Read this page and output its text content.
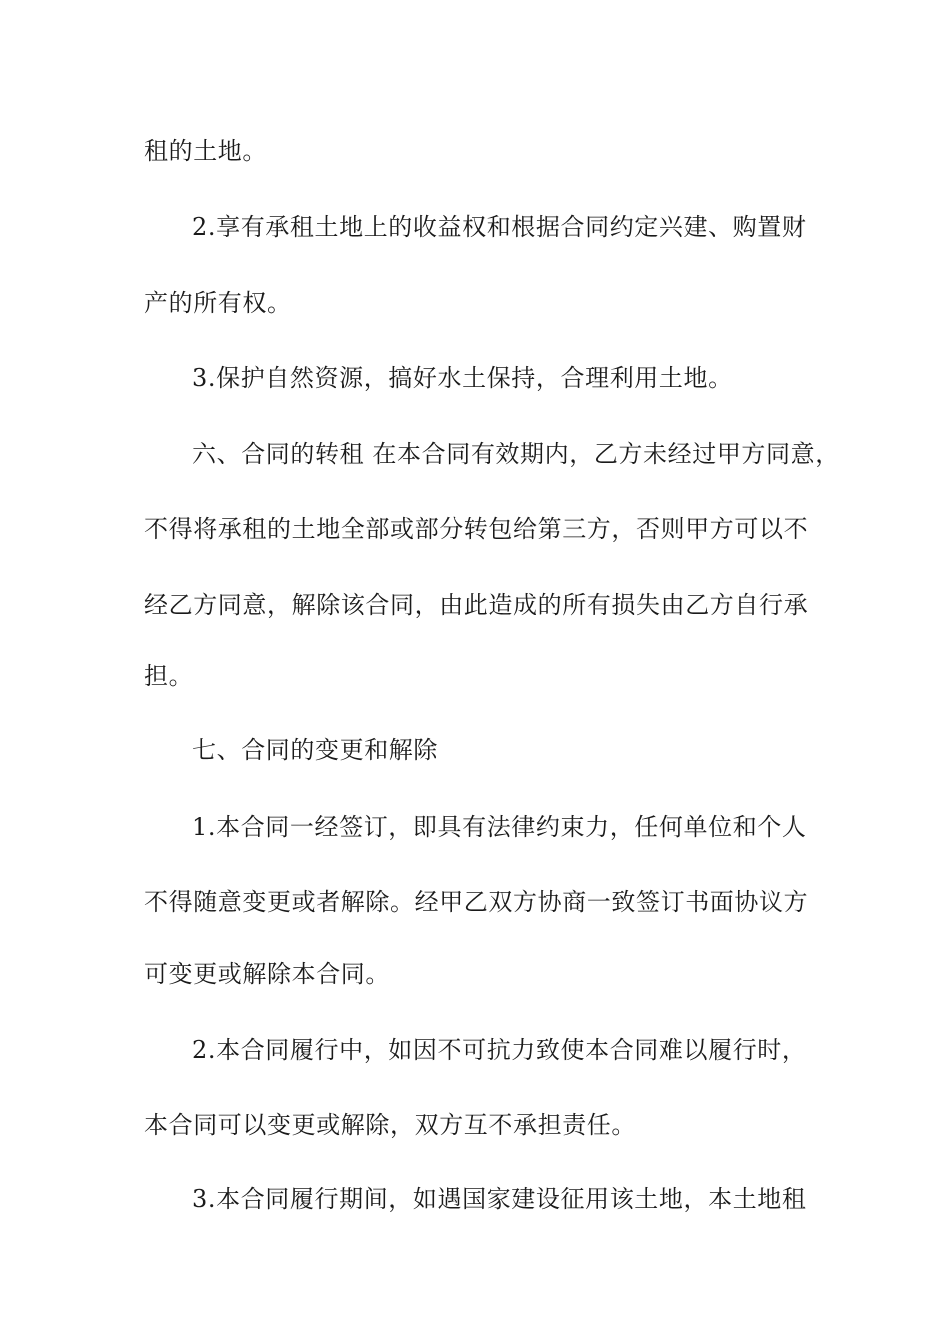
租的土地。
2.享有承租土地上的收益权和根据合同约定兴建、购置财
产的所有权。
3.保护自然资源，搞好水土保持，合理利用土地。
六、合同的转租 在本合同有效期内，乙方未经过甲方同意，
不得将承租的土地全部或部分转包给第三方，否则甲方可以不
经乙方同意，解除该合同，由此造成的所有损失由乙方自行承
担。
七、合同的变更和解除
1.本合同一经签订，即具有法律约束力，任何单位和个人
不得随意变更或者解除。经甲乙双方协商一致签订书面协议方
可变更或解除本合同。
2.本合同履行中，如因不可抗力致使本合同难以履行时，
本合同可以变更或解除，双方互不承担责任。
3.本合同履行期间，如遇国家建设征用该土地，本土地租
